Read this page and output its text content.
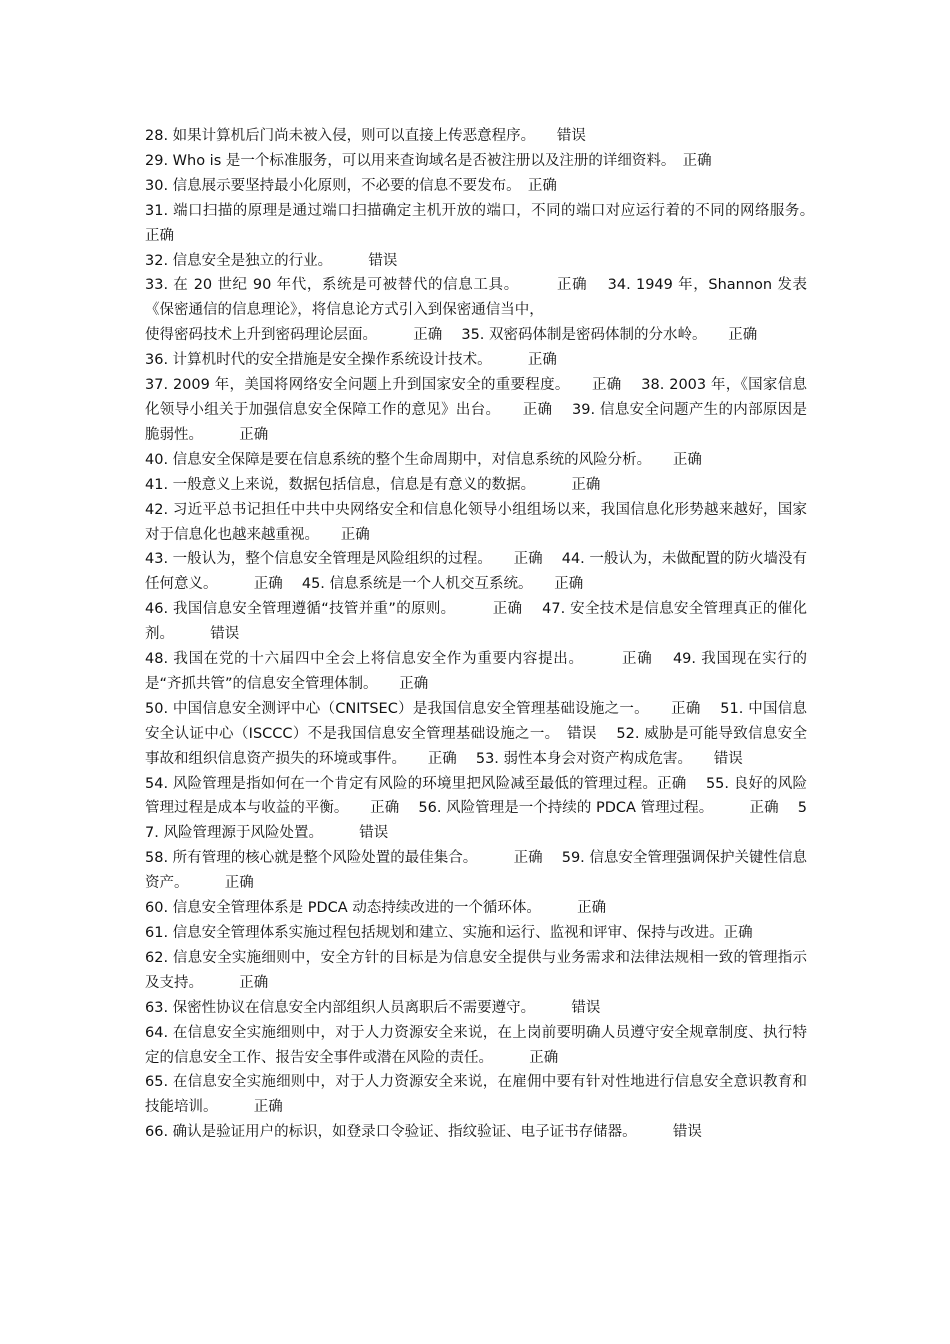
28. 如果计算机后门尚未被入侵，则可以直接上传恶意程序。　　错误

29. Who is 是一个标准服务，可以用来查询域名是否被注册以及注册的详细资料。　正确

30. 信息展示要坚持最小化原则，不必要的信息不要发布。　正确

31. 端口扫描的原理是通过端口扫描确定主机开放的端口，不同的端口对应运行着的不同的网络服务。　　　正确

32. 信息安全是独立的行业。　　　错误

33. 在 20 世纪 90 年代，系统是可被替代的信息工具。　　　正确　 34. 1949 年，Shannon 发表《保密通信的信息理论》，将信息论方式引入到保密通信当中，

使得密码技术上升到密码理论层面。　　　正确　 35. 双密码体制是密码体制的分水岭。　　正确

36. 计算机时代的安全措施是安全操作系统设计技术。　　　正确

37. 2009 年，美国将网络安全问题上升到国家安全的重要程度。　　正确　 38. 2003 年，《国家信息化领导小组关于加强信息安全保障工作的意见》出台。　　正确　 39. 信息安全问题产生的内部原因是脆弱性。　　　正确

40. 信息安全保障是要在信息系统的整个生命周期中，对信息系统的风险分析。　　正确

41. 一般意义上来说，数据包括信息，信息是有意义的数据。　　　正确

42. 习近平总书记担任中共中央网络安全和信息化领导小组组场以来，我国信息化形势越来越好，国家对于信息化也越来越重视。　　正确

43. 一般认为，整个信息安全管理是风险组织的过程。　　正确　 44. 一般认为，未做配置的防火墙没有任何意义。　　　正确　 45. 信息系统是一个人机交互系统。　　正确

46. 我国信息安全管理遵循“技管并重”的原则。　　　正确　 47. 安全技术是信息安全管理真正的催化剂。　　　错误

48. 我国在党的十六届四中全会上将信息安全作为重要内容提出。　　　正确　 49. 我国现在实行的是“齐抓共管”的信息安全管理体制。　　正确

50. 中国信息安全测评中心（CNITSEC）是我国信息安全管理基础设施之一。　　正确　 51. 中国信息安全认证中心（ISCCC）不是我国信息安全管理基础设施之一。　错误　 52. 威胁是可能导致信息安全事故和组织信息资产损失的环境或事件。　　正确　 53. 弱性本身会对资产构成危害。　　错误

54. 风险管理是指如何在一个肯定有风险的环境里把风险减至最低的管理过程。正确　 55. 良好的风险管理过程是成本与收益的平衡。　　正确　 56. 风险管理是一个持续的 PDCA 管理过程。　　　正确　 57. 风险管理源于风险处置。　　　错误

58. 所有管理的核心就是整个风险处置的最佳集合。　　　正确　 59. 信息安全管理强调保护关键性信息资产。　　　正确

60. 信息安全管理体系是 PDCA 动态持续改进的一个循环体。　　　正确

61. 信息安全管理体系实施过程包括规划和建立、实施和运行、监视和评审、保持与改进。正确

62. 信息安全实施细则中，安全方针的目标是为信息安全提供与业务需求和法律法规相一致的管理指示及支持。　　　正确

63. 保密性协议在信息安全内部组织人员离职后不需要遵守。　　　错误

64. 在信息安全实施细则中，对于人力资源安全来说，在上岗前要明确人员遵守安全规章制度、执行特定的信息安全工作、报告安全事件或潜在风险的责任。　　　正确

65. 在信息安全实施细则中，对于人力资源安全来说，在雇佣中要有针对性地进行信息安全意识教育和技能培训。　　　正确

66. 确认是验证用户的标识，如登录口令验证、指纹验证、电子证书存储器。　　　错误
